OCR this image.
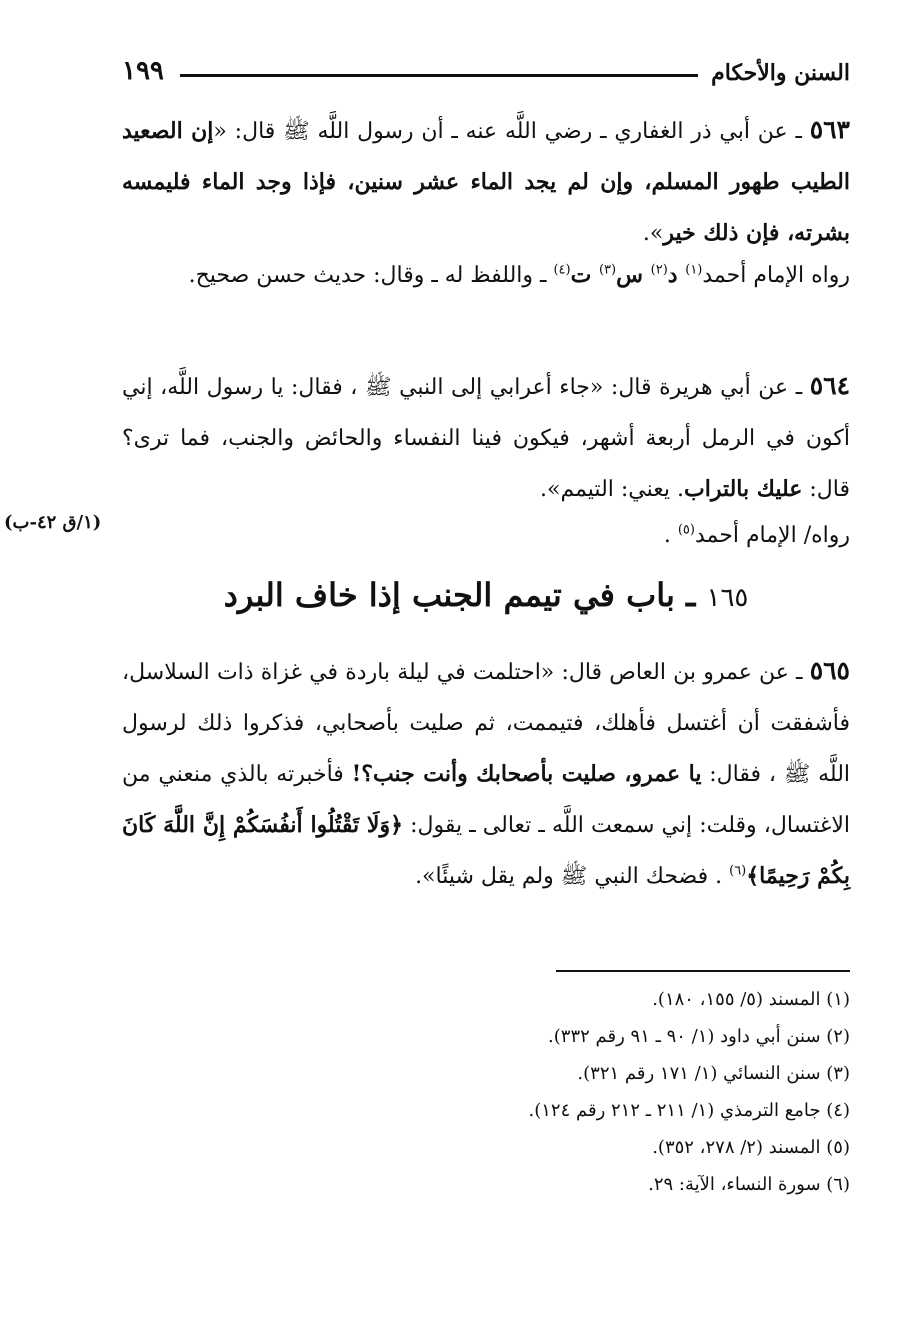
السنن والأحكام
١٩٩

٥٦٣ ـ عن أبي ذر الغفاري ـ رضي اللَّه عنه ـ أن رسول اللَّه ﷺ قال: «إن الصعيد الطيب طهور المسلم، وإن لم يجد الماء عشر سنين، فإذا وجد الماء فليمسه بشرته، فإن ذلك خير».

رواه الإمام أحمد$^{(١)}$ د$^{(٢)}$ س$^{(٣)}$ ت$^{(٤)}$ ـ واللفظ له ـ وقال: حديث حسن صحيح.

٥٦٤ ـ عن أبي هريرة قال: «جاء أعرابي إلى النبي ﷺ ، فقال: يا رسول اللَّه، إني أكون في الرمل أربعة أشهر، فيكون فينا النفساء والحائض والجنب، فما ترى؟ قال: عليك بالتراب. يعني: التيمم».

رواه/ الإمام أحمد$^{(٥)}$ .

(١/ق ٤٢-ب)
١٦٥ ـ باب في تيمم الجنب إذا خاف البرد

٥٦٥ ـ عن عمرو بن العاص قال: «احتلمت في ليلة باردة في غزاة ذات السلاسل، فأشفقت أن أغتسل فأهلك، فتيممت، ثم صليت بأصحابي، فذكروا ذلك لرسول اللَّه ﷺ ، فقال: يا عمرو، صليت بأصحابك وأنت جنب؟! فأخبرته بالذي منعني من الاغتسال، وقلت: إني سمعت اللَّه ـ تعالى ـ يقول: ﴿وَلَا تَقْتُلُوا أَنفُسَكُمْ إِنَّ اللَّهَ كَانَ بِكُمْ رَحِيمًا﴾$^{(٦)}$ . فضحك النبي ﷺ ولم يقل شيئًا».

(١) المسند (٥/ ١٥٥، ١٨٠).
(٢) سنن أبي داود (١/ ٩٠ ـ ٩١ رقم ٣٣٢).
(٣) سنن النسائي (١/ ١٧١ رقم ٣٢١).
(٤) جامع الترمذي (١/ ٢١١ ـ ٢١٢ رقم ١٢٤).
(٥) المسند (٢/ ٢٧٨، ٣٥٢).
(٦) سورة النساء، الآية: ٢٩.
